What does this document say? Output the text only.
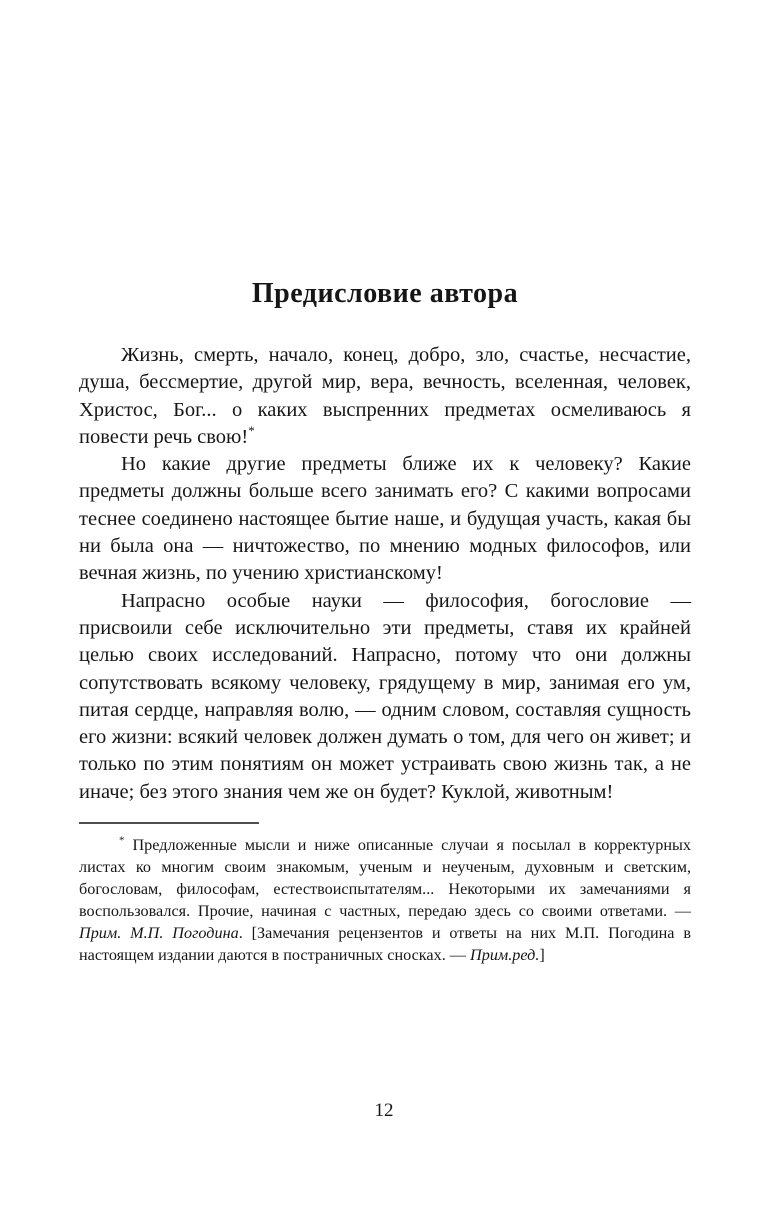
Предисловие автора

Жизнь, смерть, начало, конец, добро, зло, счастье, несчастие, душа, бессмертие, другой мир, вера, вечность, вселенная, человек, Христос, Бог... о каких выспренних предметах осмеливаюсь я повести речь свою!*

Но какие другие предметы ближе их к человеку? Какие предметы должны больше всего занимать его? С какими вопросами теснее соединено настоящее бытие наше, и будущая участь, какая бы ни была она — ничтожество, по мнению модных философов, или вечная жизнь, по учению христианскому!

Напрасно особые науки — философия, богословие — присвоили себе исключительно эти предметы, ставя их крайней целью своих исследований. Напрасно, потому что они должны сопутствовать всякому человеку, грядущему в мир, занимая его ум, питая сердце, направляя волю, — одним словом, составляя сущность его жизни: всякий человек должен думать о том, для чего он живет; и только по этим понятиям он может устраивать свою жизнь так, а не иначе; без этого знания чем же он будет? Куклой, животным!

* Предложенные мысли и ниже описанные случаи я посылал в корректурных листах ко многим своим знакомым, ученым и неученым, духовным и светским, богословам, философам, естествоиспытателям... Некоторыми их замечаниями я воспользовался. Прочие, начиная с частных, передаю здесь со своими ответами. — Прим. М.П. Погодина. [Замечания рецензентов и ответы на них М.П. Погодина в настоящем издании даются в постраничных сносках. — Прим.ред.]

12
